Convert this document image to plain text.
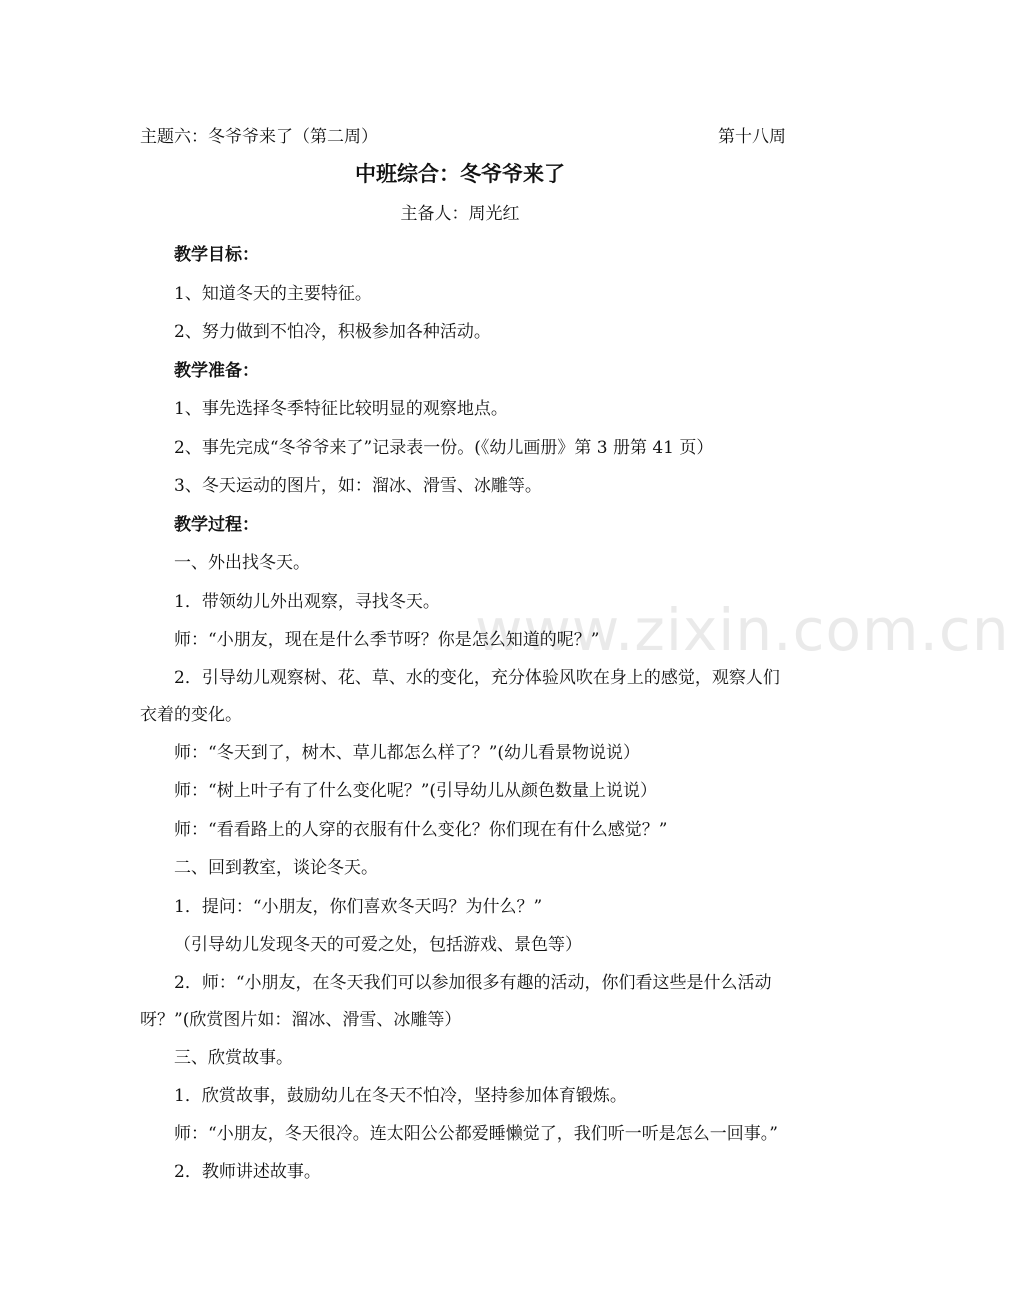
主题六：冬爷爷来了（第二周）	第十八周
中班综合：冬爷爷来了
主备人：周光红
www.zixin.com.cn

教学目标：

1、知道冬天的主要特征。

2、努力做到不怕冷，积极参加各种活动。

教学准备：

1、事先选择冬季特征比较明显的观察地点。

2、事先完成“冬爷爷来了”记录表一份。(《幼儿画册》第 3 册第 41 页）

3、冬天运动的图片，如：溜冰、滑雪、冰雕等。

教学过程：

一、外出找冬天。

1．带领幼儿外出观察，寻找冬天。

师：“小朋友，现在是什么季节呀？你是怎么知道的呢？”

2．引导幼儿观察树、花、草、水的变化，充分体验风吹在身上的感觉，观察人们衣着的变化。

师：“冬天到了，树木、草儿都怎么样了？”(幼儿看景物说说）

师：“树上叶子有了什么变化呢？”(引导幼儿从颜色数量上说说）

师：“看看路上的人穿的衣服有什么变化？你们现在有什么感觉？”

二、回到教室，谈论冬天。

1．提问：“小朋友，你们喜欢冬天吗？为什么？”

（引导幼儿发现冬天的可爱之处，包括游戏、景色等）

2．师：“小朋友，在冬天我们可以参加很多有趣的活动，你们看这些是什么活动呀？”(欣赏图片如：溜冰、滑雪、冰雕等）

三、欣赏故事。

1．欣赏故事，鼓励幼儿在冬天不怕冷，坚持参加体育锻炼。

师：“小朋友，冬天很冷。连太阳公公都爱睡懒觉了，我们听一听是怎么一回事。”

2．教师讲述故事。
